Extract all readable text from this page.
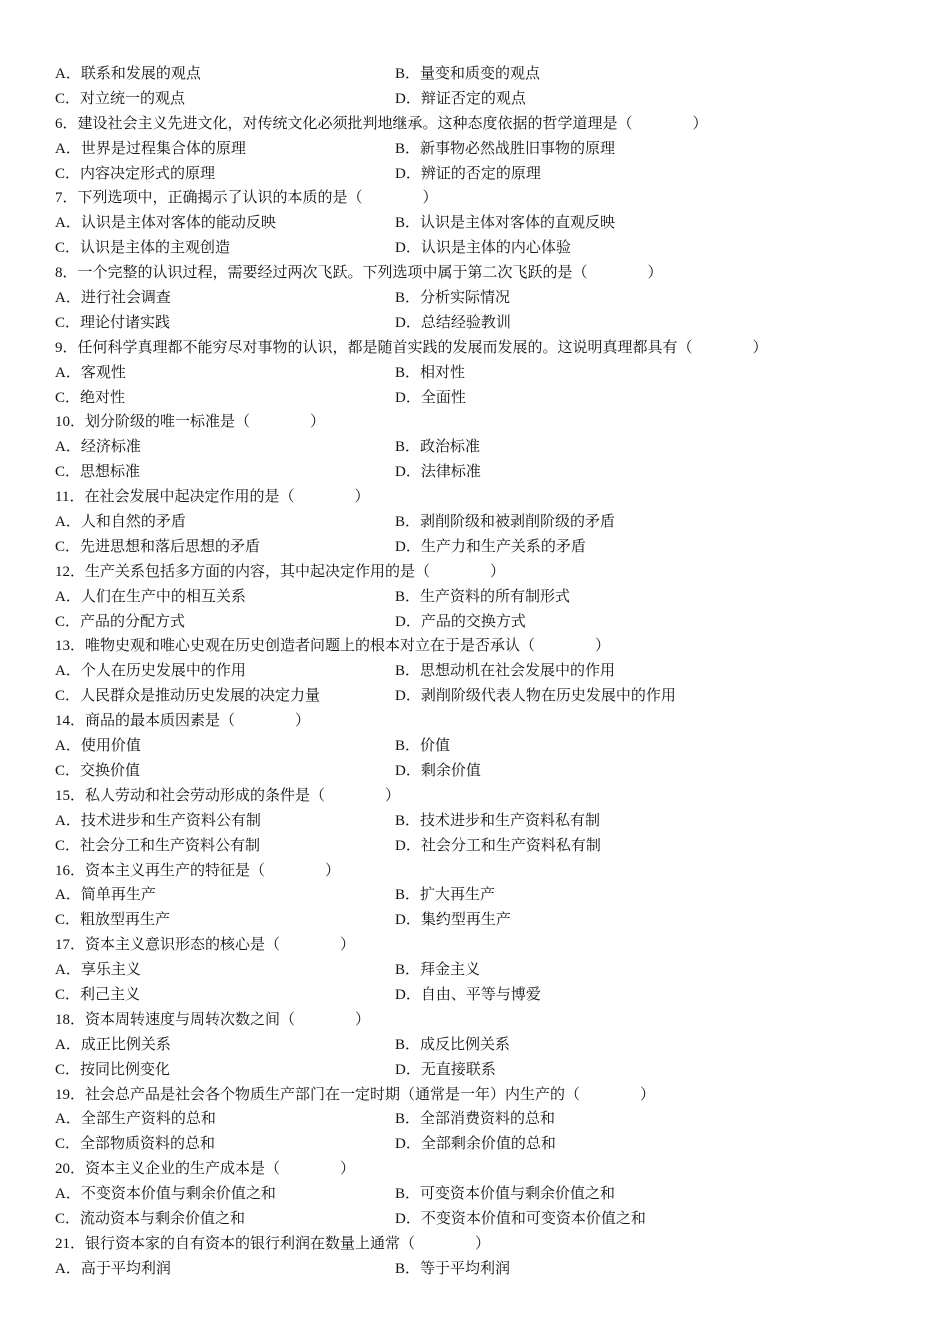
A．联系和发展的观点	B．量变和质变的观点
C．对立统一的观点	D．辩证否定的观点
6．建设社会主义先进文化，对传统文化必须批判地继承。这种态度依据的哲学道理是（	）
A．世界是过程集合体的原理	B．新事物必然战胜旧事物的原理
C．内容决定形式的原理	D．辨证的否定的原理
7．下列选项中，正确揭示了认识的本质的是（	）
A．认识是主体对客体的能动反映	B．认识是主体对客体的直观反映
C．认识是主体的主观创造	D．认识是主体的内心体验
8．一个完整的认识过程，需要经过两次飞跃。下列选项中属于第二次飞跃的是（	）
A．进行社会调查	B．分析实际情况
C．理论付诸实践	D．总结经验教训
9．任何科学真理都不能穷尽对事物的认识，都是随首实践的发展而发展的。这说明真理都具有（	）
A．客观性	B．相对性
C．绝对性	D．全面性
10．划分阶级的唯一标准是（	）
A．经济标准	B．政治标准
C．思想标准	D．法律标准
11．在社会发展中起决定作用的是（	）
A．人和自然的矛盾	B．剥削阶级和被剥削阶级的矛盾
C．先进思想和落后思想的矛盾	D．生产力和生产关系的矛盾
12．生产关系包括多方面的内容，其中起决定作用的是（	）
A．人们在生产中的相互关系	B．生产资料的所有制形式
C．产品的分配方式	D．产品的交换方式
13．唯物史观和唯心史观在历史创造者问题上的根本对立在于是否承认（	）
A．个人在历史发展中的作用	B．思想动机在社会发展中的作用
C．人民群众是推动历史发展的决定力量	D．剥削阶级代表人物在历史发展中的作用
14．商品的最本质因素是（	）
A．使用价值	B．价值
C．交换价值	D．剩余价值
15．私人劳动和社会劳动形成的条件是（	）
A．技术进步和生产资料公有制	B．技术进步和生产资料私有制
C．社会分工和生产资料公有制	D．社会分工和生产资料私有制
16．资本主义再生产的特征是（	）
A．简单再生产	B．扩大再生产
C．粗放型再生产	D．集约型再生产
17．资本主义意识形态的核心是（	）
A．享乐主义	B．拜金主义
C．利己主义	D．自由、平等与博爱
18．资本周转速度与周转次数之间（	）
A．成正比例关系	B．成反比例关系
C．按同比例变化	D．无直接联系
19．社会总产品是社会各个物质生产部门在一定时期（通常是一年）内生产的（	）
A．全部生产资料的总和	B．全部消费资料的总和
C．全部物质资料的总和	D．全部剩余价值的总和
20．资本主义企业的生产成本是（	）
A．不变资本价值与剩余价值之和	B．可变资本价值与剩余价值之和
C．流动资本与剩余价值之和	D．不变资本价值和可变资本价值之和
21．银行资本家的自有资本的银行利润在数量上通常（	）
A．高于平均利润	B．等于平均利润
